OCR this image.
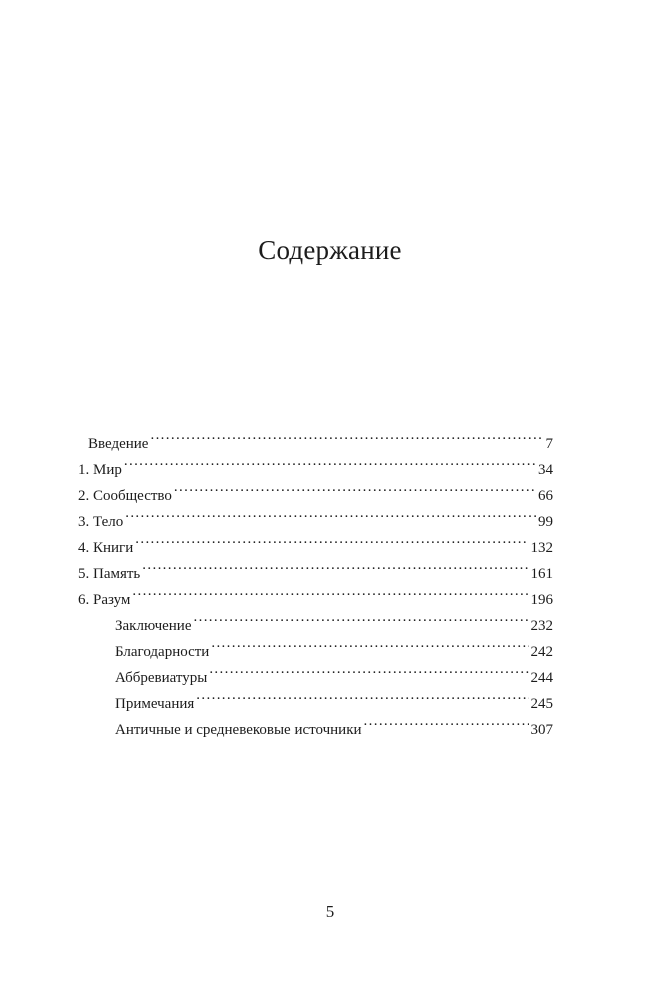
Содержание
Введение .....	7
1. Мир .....	34
2. Сообщество .....	66
3. Тело .....	99
4. Книги .....	132
5. Память .....	161
6. Разум .....	196
Заключение .....	232
Благодарности .....	242
Аббревиатуры .....	244
Примечания .....	245
Античные и средневековые источники .....	307
5
